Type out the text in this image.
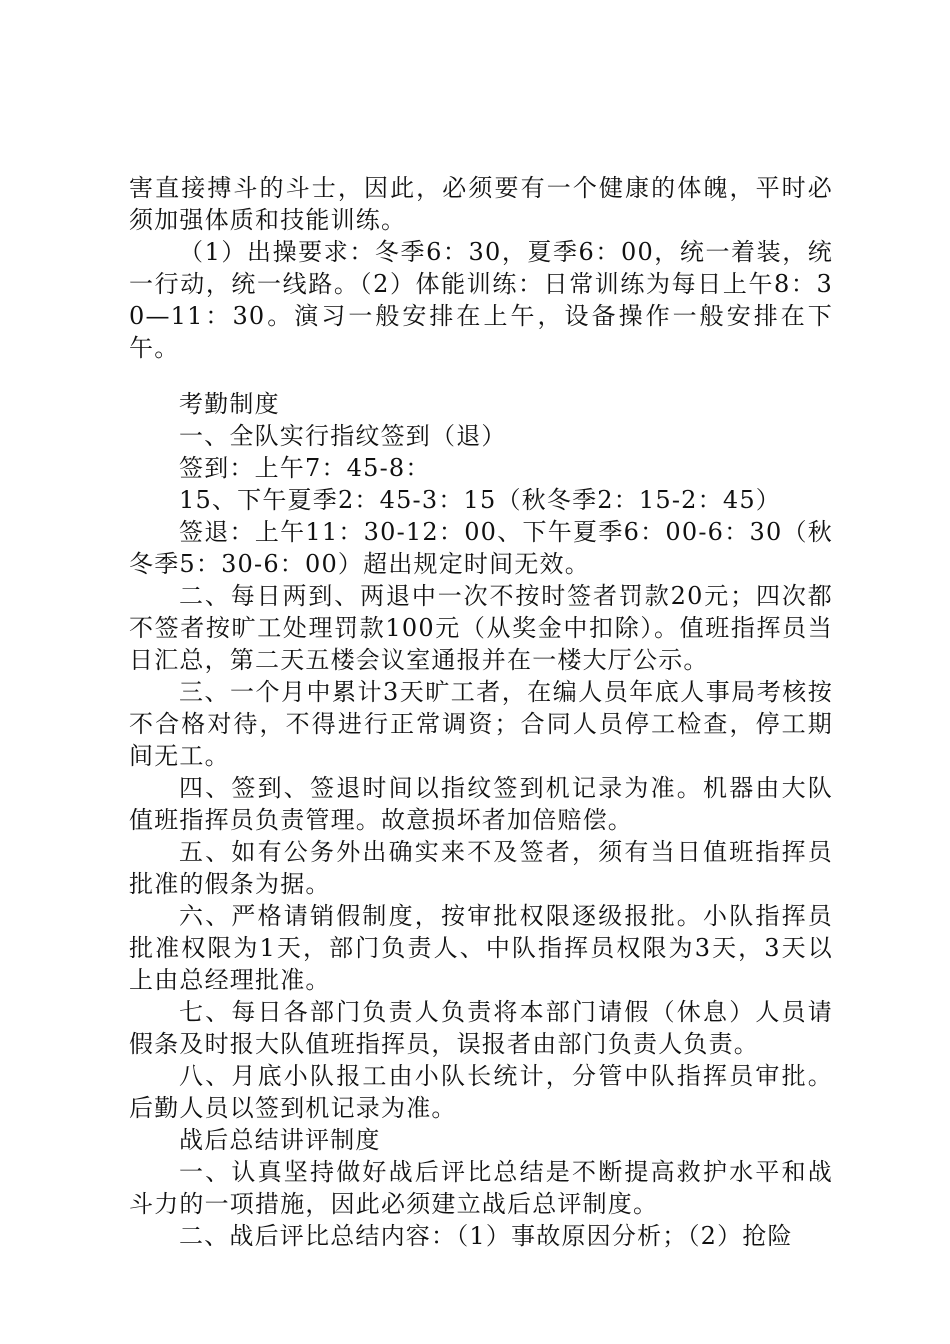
害直接搏斗的斗士，因此，必须要有一个健康的体魄，平时必须加强体质和技能训练。

（1）出操要求：冬季6：30，夏季6：00，统一着装，统一行动，统一线路。（2）体能训练：日常训练为每日上午8：30—11：30。演习一般安排在上午，设备操作一般安排在下午。

考勤制度

一、全队实行指纹签到（退）

签到：上午7：45-8：

15、下午夏季2：45-3：15（秋冬季2：15-2：45）

签退：上午11：30-12：00、下午夏季6：00-6：30（秋冬季5：30-6：00）超出规定时间无效。

二、每日两到、两退中一次不按时签者罚款20元；四次都不签者按旷工处理罚款100元（从奖金中扣除）。值班指挥员当日汇总，第二天五楼会议室通报并在一楼大厅公示。

三、一个月中累计3天旷工者，在编人员年底人事局考核按不合格对待，不得进行正常调资；合同人员停工检查，停工期间无工。

四、签到、签退时间以指纹签到机记录为准。机器由大队值班指挥员负责管理。故意损坏者加倍赔偿。

五、如有公务外出确实来不及签者，须有当日值班指挥员批准的假条为据。

六、严格请销假制度，按审批权限逐级报批。小队指挥员批准权限为1天，部门负责人、中队指挥员权限为3天，3天以上由总经理批准。

七、每日各部门负责人负责将本部门请假（休息）人员请假条及时报大队值班指挥员，误报者由部门负责人负责。

八、月底小队报工由小队长统计，分管中队指挥员审批。后勤人员以签到机记录为准。

战后总结讲评制度

一、认真坚持做好战后评比总结是不断提高救护水平和战斗力的一项措施，因此必须建立战后总评制度。

二、战后评比总结内容：（1）事故原因分析；（2）抢险
